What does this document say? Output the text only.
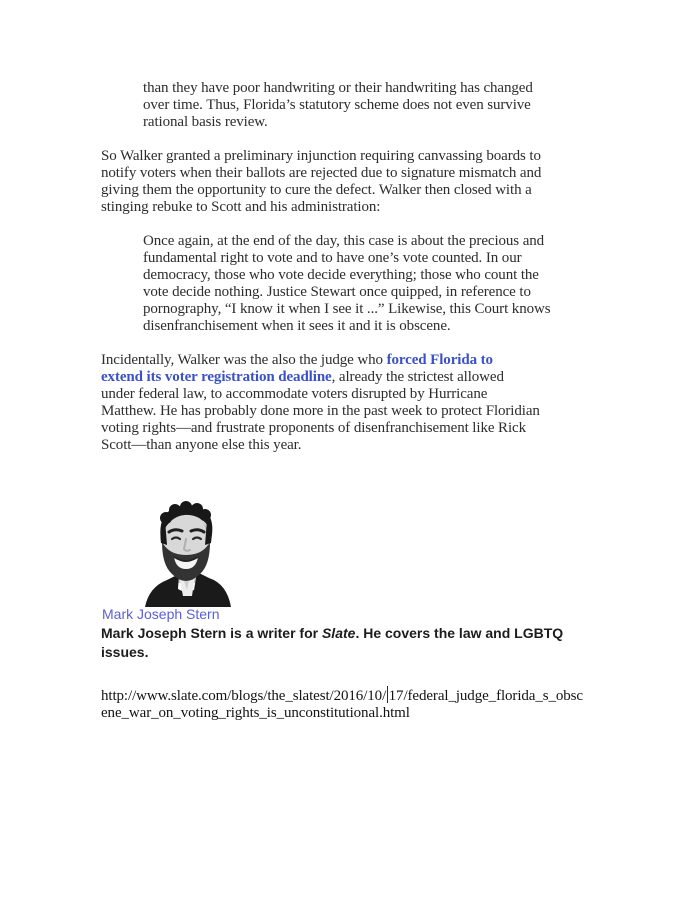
than they have poor handwriting or their handwriting has changed
over time. Thus, Florida’s statutory scheme does not even survive
rational basis review.
So Walker granted a preliminary injunction requiring canvassing boards to
notify voters when their ballots are rejected due to signature mismatch and
giving them the opportunity to cure the defect. Walker then closed with a
stinging rebuke to Scott and his administration:
Once again, at the end of the day, this case is about the precious and
fundamental right to vote and to have one’s vote counted. In our
democracy, those who vote decide everything; those who count the
vote decide nothing. Justice Stewart once quipped, in reference to
pornography, “I know it when I see it ...” Likewise, this Court knows
disenfranchisement when it sees it and it is obscene.
Incidentally, Walker was the also the judge who forced Florida to
extend its voter registration deadline, already the strictest allowed
under federal law, to accommodate voters disrupted by Hurricane
Matthew. He has probably done more in the past week to protect Floridian
voting rights—and frustrate proponents of disenfranchisement like Rick
Scott—than anyone else this year.
Mark Joseph Stern
Mark Joseph Stern is a writer for Slate. He covers the law and LGBTQ
issues.
http://www.slate.com/blogs/the_slatest/2016/10/ 17/federal_judge_florida_s_obsc
ene_war_on_voting_rights_is_unconstitutional.html
